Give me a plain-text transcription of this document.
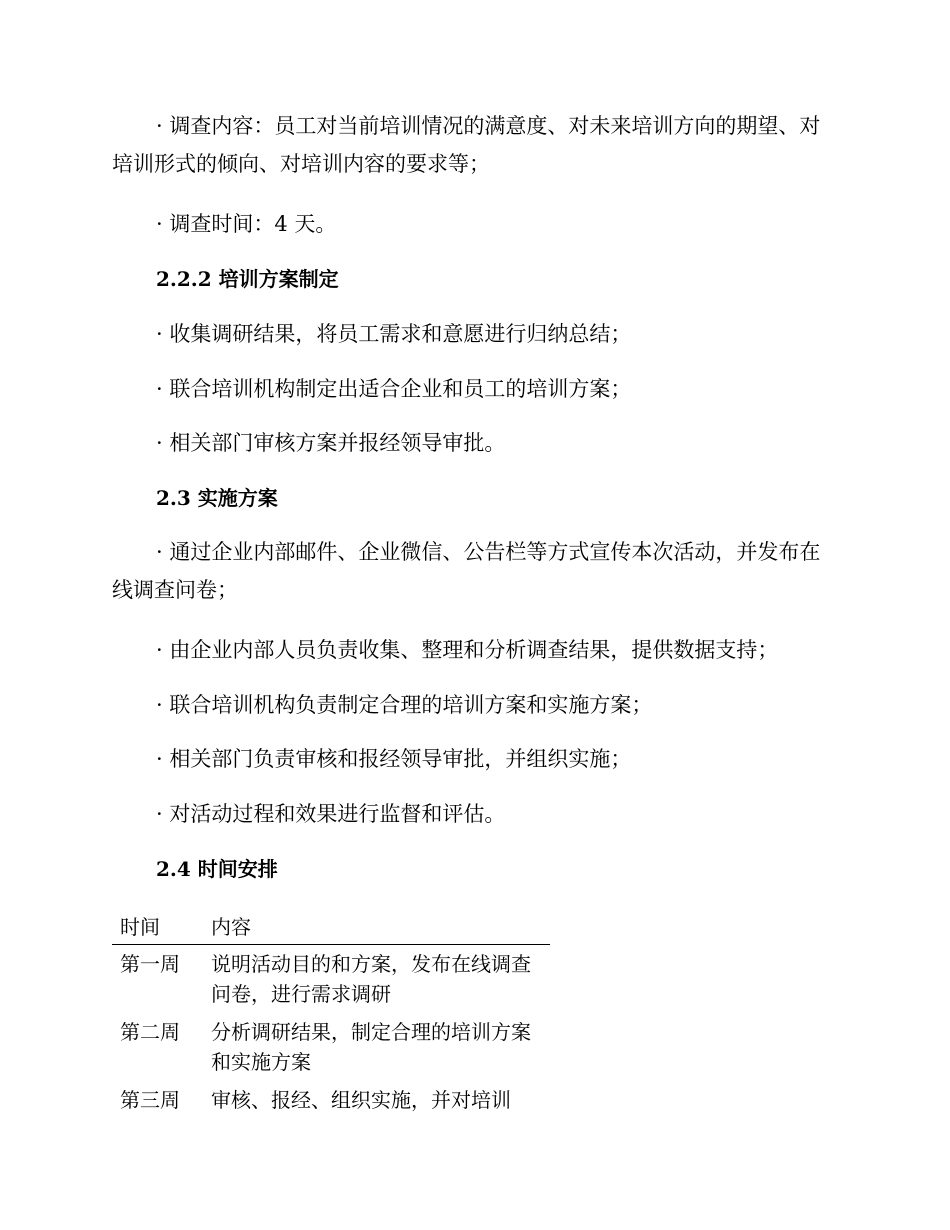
· 调查内容：员工对当前培训情况的满意度、对未来培训方向的期望、对培训形式的倾向、对培训内容的要求等；
· 调查时间：4 天。
2.2.2 培训方案制定
· 收集调研结果，将员工需求和意愿进行归纳总结；
· 联合培训机构制定出适合企业和员工的培训方案；
· 相关部门审核方案并报经领导审批。
2.3 实施方案
· 通过企业内部邮件、企业微信、公告栏等方式宣传本次活动，并发布在线调查问卷；
· 由企业内部人员负责收集、整理和分析调查结果，提供数据支持；
· 联合培训机构负责制定合理的培训方案和实施方案；
· 相关部门负责审核和报经领导审批，并组织实施；
· 对活动过程和效果进行监督和评估。
2.4 时间安排
时间	内容
第一周	说明活动目的和方案，发布在线调查问卷，进行需求调研
第二周	分析调研结果，制定合理的培训方案和实施方案
第三周	审核、报经、组织实施，并对培训
